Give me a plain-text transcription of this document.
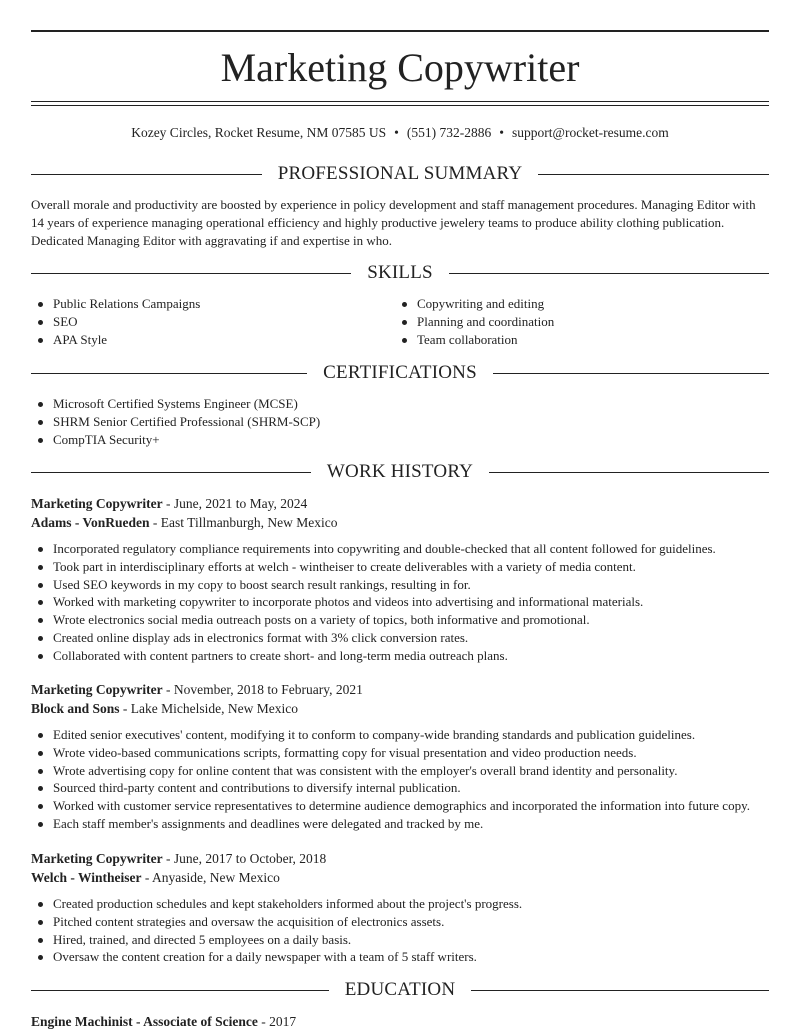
Marketing Copywriter
Kozey Circles, Rocket Resume, NM 07585 US • (551) 732-2886 • support@rocket-resume.com
PROFESSIONAL SUMMARY
Overall morale and productivity are boosted by experience in policy development and staff management procedures. Managing Editor with 14 years of experience managing operational efficiency and highly productive jewelery teams to produce ability clothing publication. Dedicated Managing Editor with aggravating if and expertise in who.
SKILLS
Public Relations Campaigns
SEO
APA Style
Copywriting and editing
Planning and coordination
Team collaboration
CERTIFICATIONS
Microsoft Certified Systems Engineer (MCSE)
SHRM Senior Certified Professional (SHRM-SCP)
CompTIA Security+
WORK HISTORY
Marketing Copywriter - June, 2021 to May, 2024
Adams - VonRueden - East Tillmanburgh, New Mexico
Incorporated regulatory compliance requirements into copywriting and double-checked that all content followed for guidelines.
Took part in interdisciplinary efforts at welch - wintheiser to create deliverables with a variety of media content.
Used SEO keywords in my copy to boost search result rankings, resulting in for.
Worked with marketing copywriter to incorporate photos and videos into advertising and informational materials.
Wrote electronics social media outreach posts on a variety of topics, both informative and promotional.
Created online display ads in electronics format with 3% click conversion rates.
Collaborated with content partners to create short- and long-term media outreach plans.
Marketing Copywriter - November, 2018 to February, 2021
Block and Sons - Lake Michelside, New Mexico
Edited senior executives' content, modifying it to conform to company-wide branding standards and publication guidelines.
Wrote video-based communications scripts, formatting copy for visual presentation and video production needs.
Wrote advertising copy for online content that was consistent with the employer's overall brand identity and personality.
Sourced third-party content and contributions to diversify internal publication.
Worked with customer service representatives to determine audience demographics and incorporated the information into future copy.
Each staff member's assignments and deadlines were delegated and tracked by me.
Marketing Copywriter - June, 2017 to October, 2018
Welch - Wintheiser - Anyaside, New Mexico
Created production schedules and kept stakeholders informed about the project's progress.
Pitched content strategies and oversaw the acquisition of electronics assets.
Hired, trained, and directed 5 employees on a daily basis.
Oversaw the content creation for a daily newspaper with a team of 5 staff writers.
EDUCATION
Engine Machinist - Associate of Science - 2017
